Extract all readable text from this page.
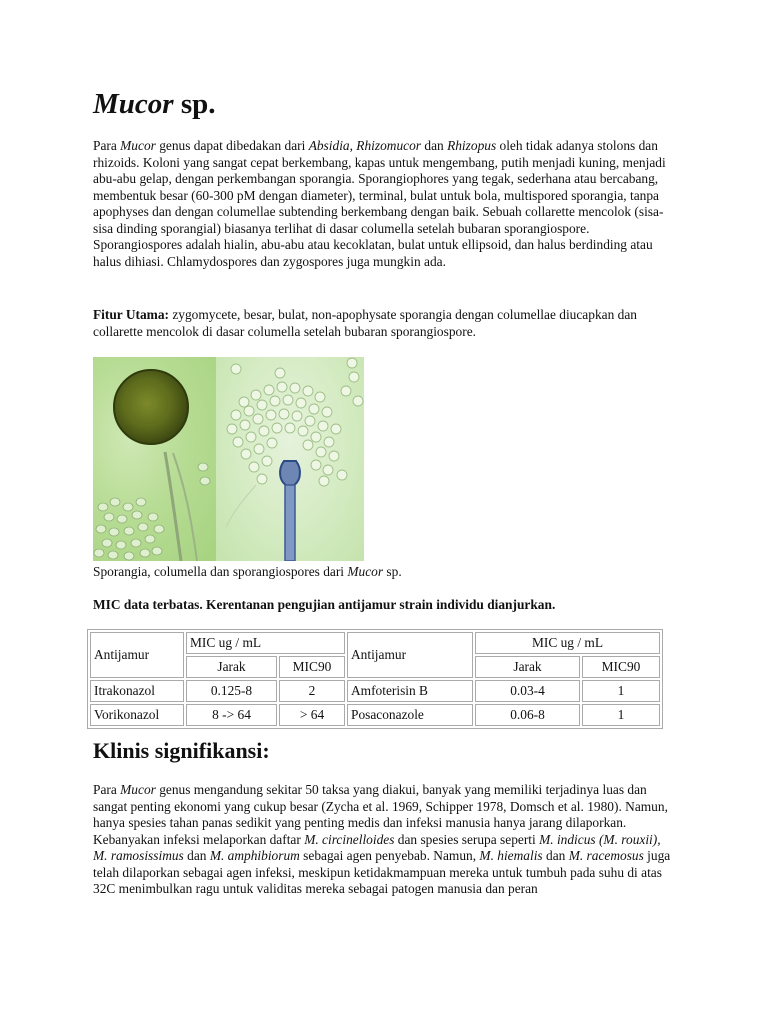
Mucor sp.

Para Mucor genus dapat dibedakan dari Absidia, Rhizomucor dan Rhizopus oleh tidak adanya stolons dan rhizoids. Koloni yang sangat cepat berkembang, kapas untuk mengembang, putih menjadi kuning, menjadi abu-abu gelap, dengan perkembangan sporangia. Sporangiophores yang tegak, sederhana atau bercabang, membentuk besar (60-300 pM dengan diameter), terminal, bulat untuk bola, multispored sporangia, tanpa apophyses dan dengan columellae subtending berkembang dengan baik. Sebuah collarette mencolok (sisa-sisa dinding sporangial) biasanya terlihat di dasar columella setelah bubaran sporangiospore. Sporangiospores adalah hialin, abu-abu atau kecoklatan, bulat untuk ellipsoid, dan halus berdinding atau halus dihiasi. Chlamydospores dan zygospores juga mungkin ada.

Fitur Utama: zygomycete, besar, bulat, non-apophysate sporangia dengan columellae diucapkan dan collarette mencolok di dasar columella setelah bubaran sporangiospore.

Sporangia, columella dan sporangiospores dari Mucor sp.

MIC data terbatas. Kerentanan pengujian antijamur strain individu dianjurkan.

Antijamur	MIC ug / mL		Antijamur	MIC ug / mL	
	Jarak	MIC90		Jarak	MIC90
Itrakonazol	0.125-8	2	Amfoterisin B	0.03-4	1
Vorikonazol	8 -> 64	> 64	Posaconazole	0.06-8	1
Klinis signifikansi:

Para Mucor genus mengandung sekitar 50 taksa yang diakui, banyak yang memiliki terjadinya luas dan sangat penting ekonomi yang cukup besar (Zycha et al. 1969, Schipper 1978, Domsch et al. 1980). Namun, hanya spesies tahan panas sedikit yang penting medis dan infeksi manusia hanya jarang dilaporkan. Kebanyakan infeksi melaporkan daftar M. circinelloides dan spesies serupa seperti M. indicus (M. rouxii), M. ramosissimus dan M. amphibiorum sebagai agen penyebab. Namun, M. hiemalis dan M. racemosus juga telah dilaporkan sebagai agen infeksi, meskipun ketidakmampuan mereka untuk tumbuh pada suhu di atas 32C menimbulkan ragu untuk validitas mereka sebagai patogen manusia dan peran
